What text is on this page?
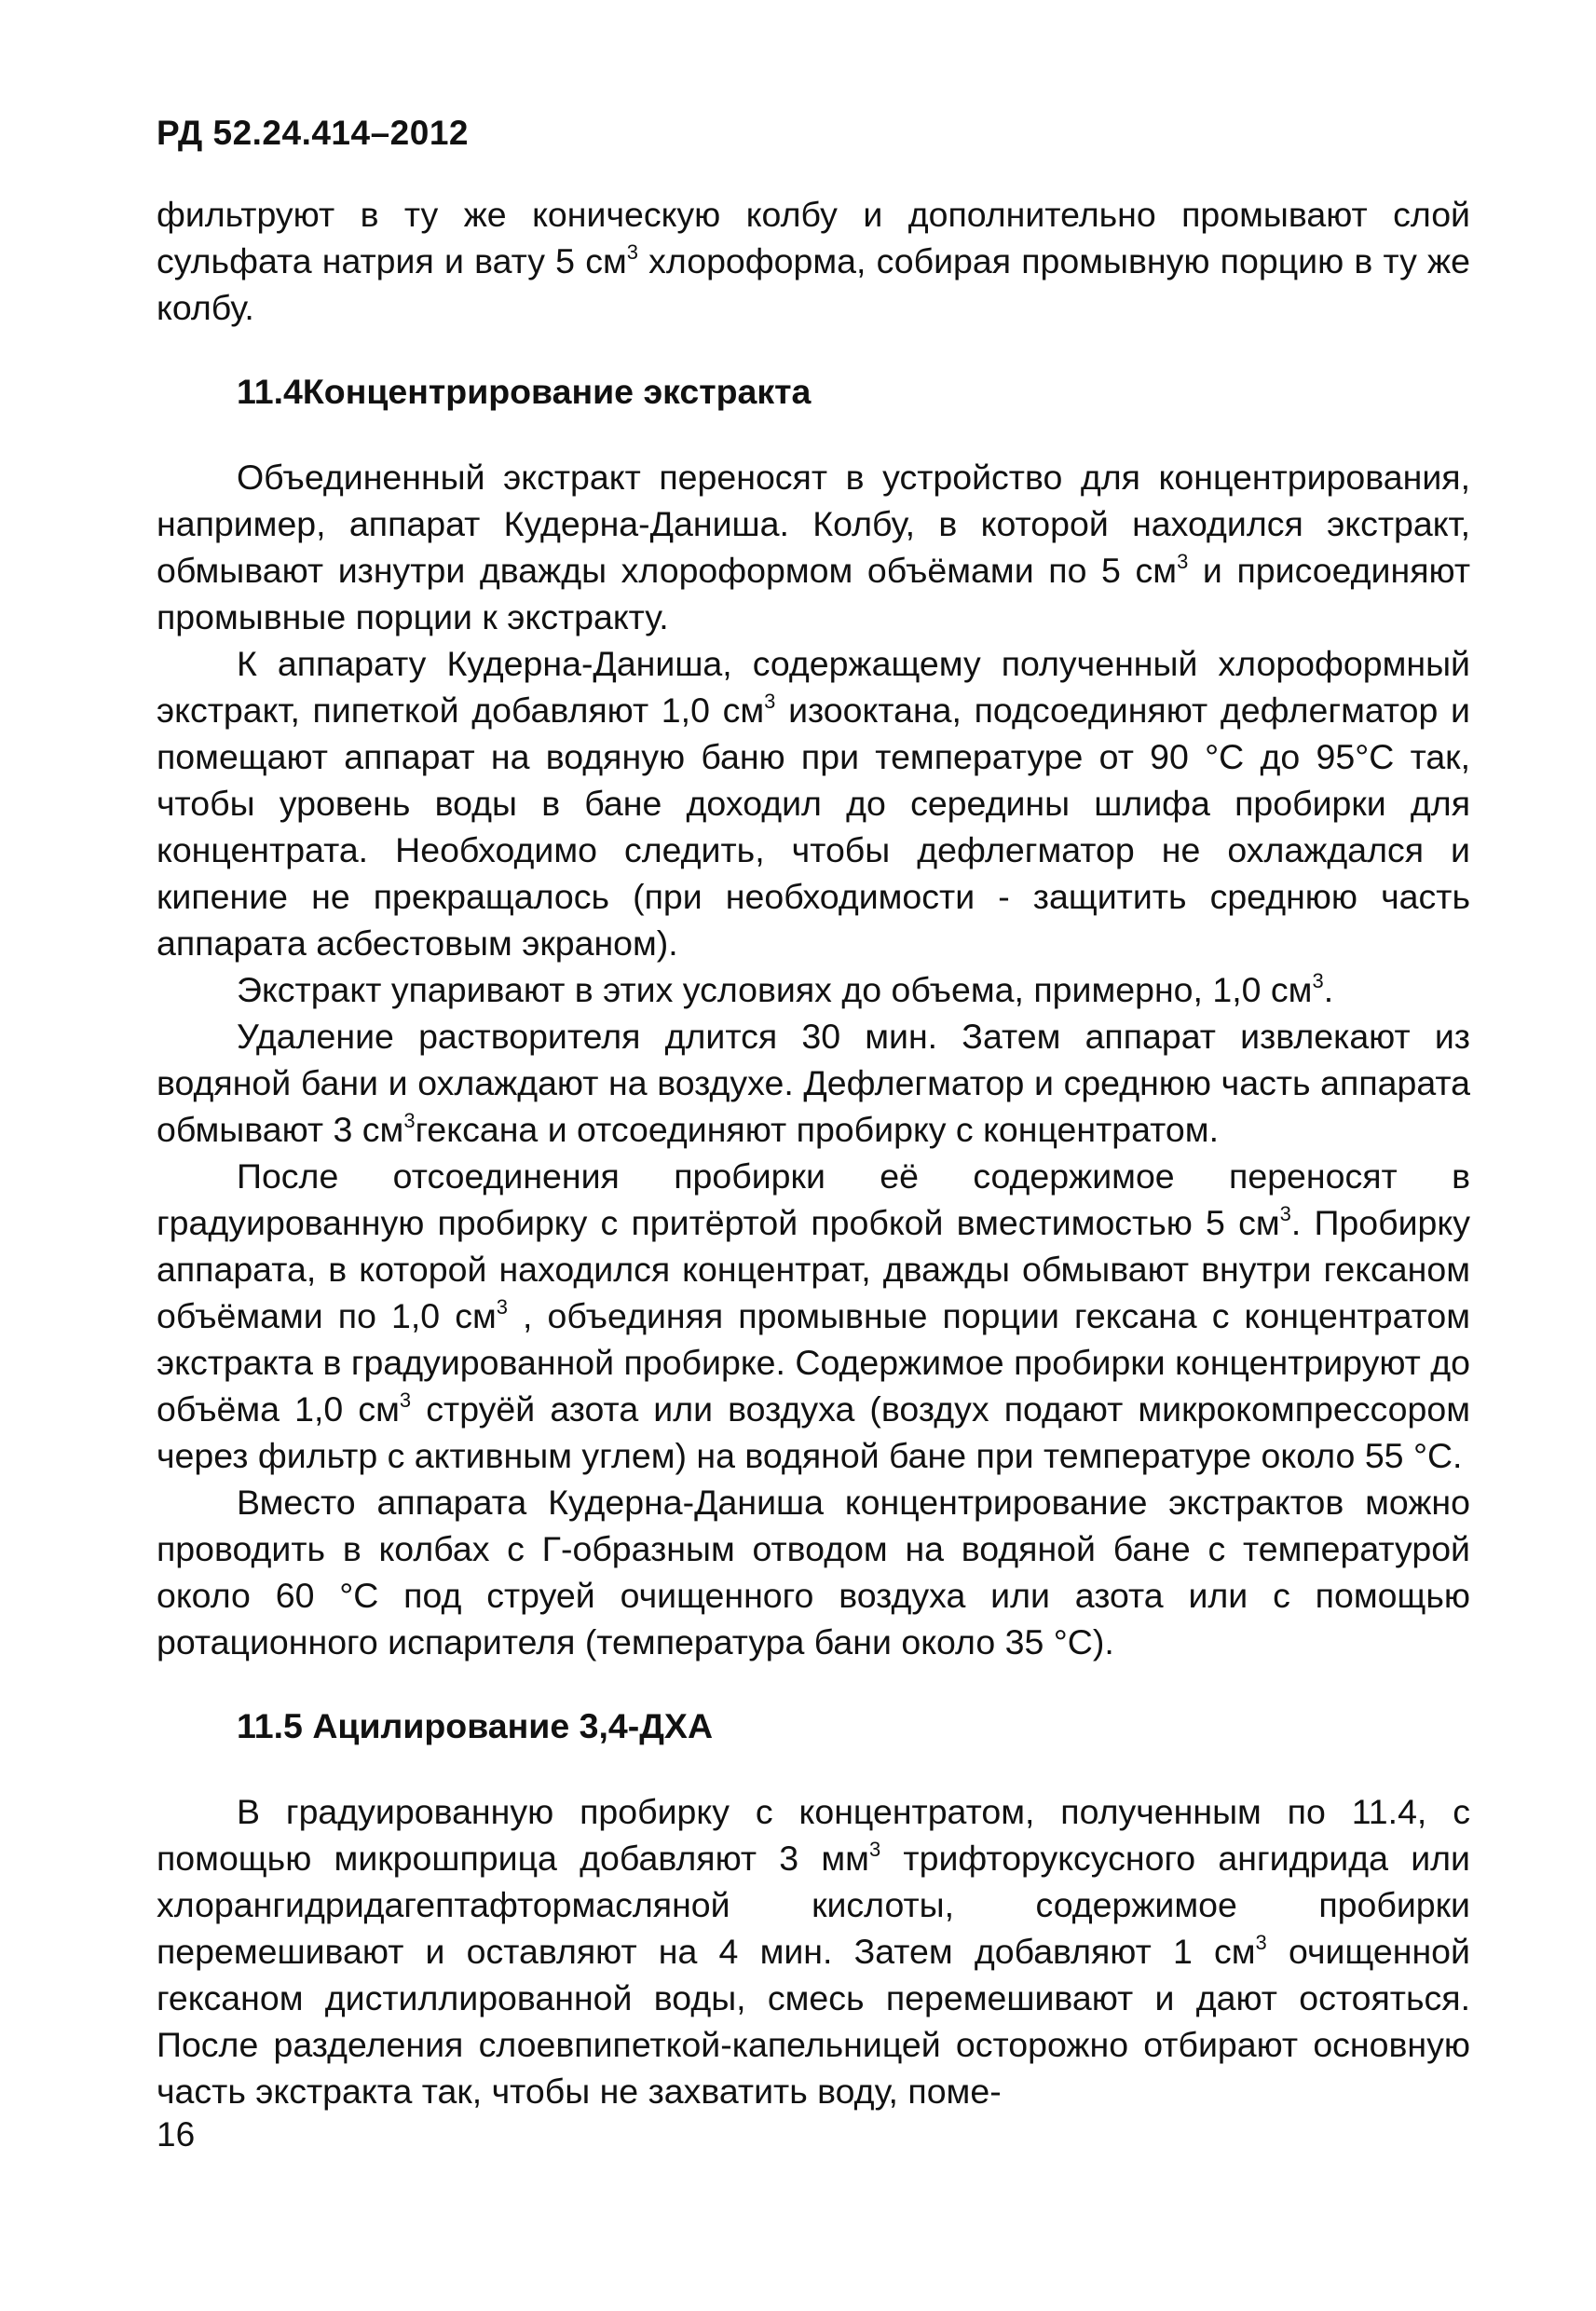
РД 52.24.414–2012

фильтруют в ту же коническую колбу и дополнительно промывают слой сульфата натрия и вату 5 $см^3$ хлороформа, собирая промывную порцию в ту же колбу.

11.4Концентрирование экстракта

Объединенный экстракт переносят в устройство для концентрирования, например, аппарат Кудерна-Даниша. Колбу, в которой находился экстракт, обмывают изнутри дважды хлороформом объёмами по 5 $см^3$ и присоединяют промывные порции к экстракту.

К аппарату Кудерна-Даниша, содержащему полученный хлороформный экстракт, пипеткой добавляют 1,0 $см^3$ изооктана, подсоединяют дефлегматор и помещают аппарат на водяную баню при температуре от 90 °С до 95°С так, чтобы уровень воды в бане доходил до середины шлифа пробирки для концентрата. Необходимо следить, чтобы дефлегматор не охлаждался и кипение не прекращалось (при необходимости - защитить среднюю часть аппарата асбестовым экраном).

Экстракт упаривают в этих условиях до объема, примерно, 1,0 $см^3$.

Удаление растворителя длится 30 мин. Затем аппарат извлекают из водяной бани и охлаждают на воздухе. Дефлегматор и среднюю часть аппарата обмывают 3 $см^3гексана$ и отсоединяют пробирку с концентратом.

После отсоединения пробирки её содержимое переносят в градуированную пробирку с притёртой пробкой вместимостью 5 $см^3$. Пробирку аппарата, в которой находился концентрат, дважды обмывают внутри гексаном объёмами по 1,0 $см^3$ , объединяя промывные порции гексана с концентратом экстракта в градуированной пробирке. Содержимое пробирки концентрируют до объёма 1,0 $см^3$ струёй азота или воздуха (воздух подают микрокомпрессором через фильтр с активным углем) на водяной бане при температуре около 55 °С.

Вместо аппарата Кудерна-Даниша концентрирование экстрактов можно проводить в колбах с Г-образным отводом на водяной бане с температурой около 60 °С под струей очищенного воздуха или азота или с помощью ротационного испарителя (температура бани около 35 °С).

11.5 Ацилирование 3,4-ДХА

В градуированную пробирку с концентратом, полученным по 11.4, с помощью микрошприца добавляют 3 $мм^3$ трифторуксусного ангидрида или хлорангидридагептафтормасляной кислоты, содержимое пробирки перемешивают и оставляют на 4 мин. Затем добавляют 1 $см^3$ очищенной гексаном дистиллированной воды, смесь перемешивают и дают остояться. После разделения слоевпипеткой-капельницей осторожно отбирают основную часть экстракта так, чтобы не захватить воду, поме-

16
